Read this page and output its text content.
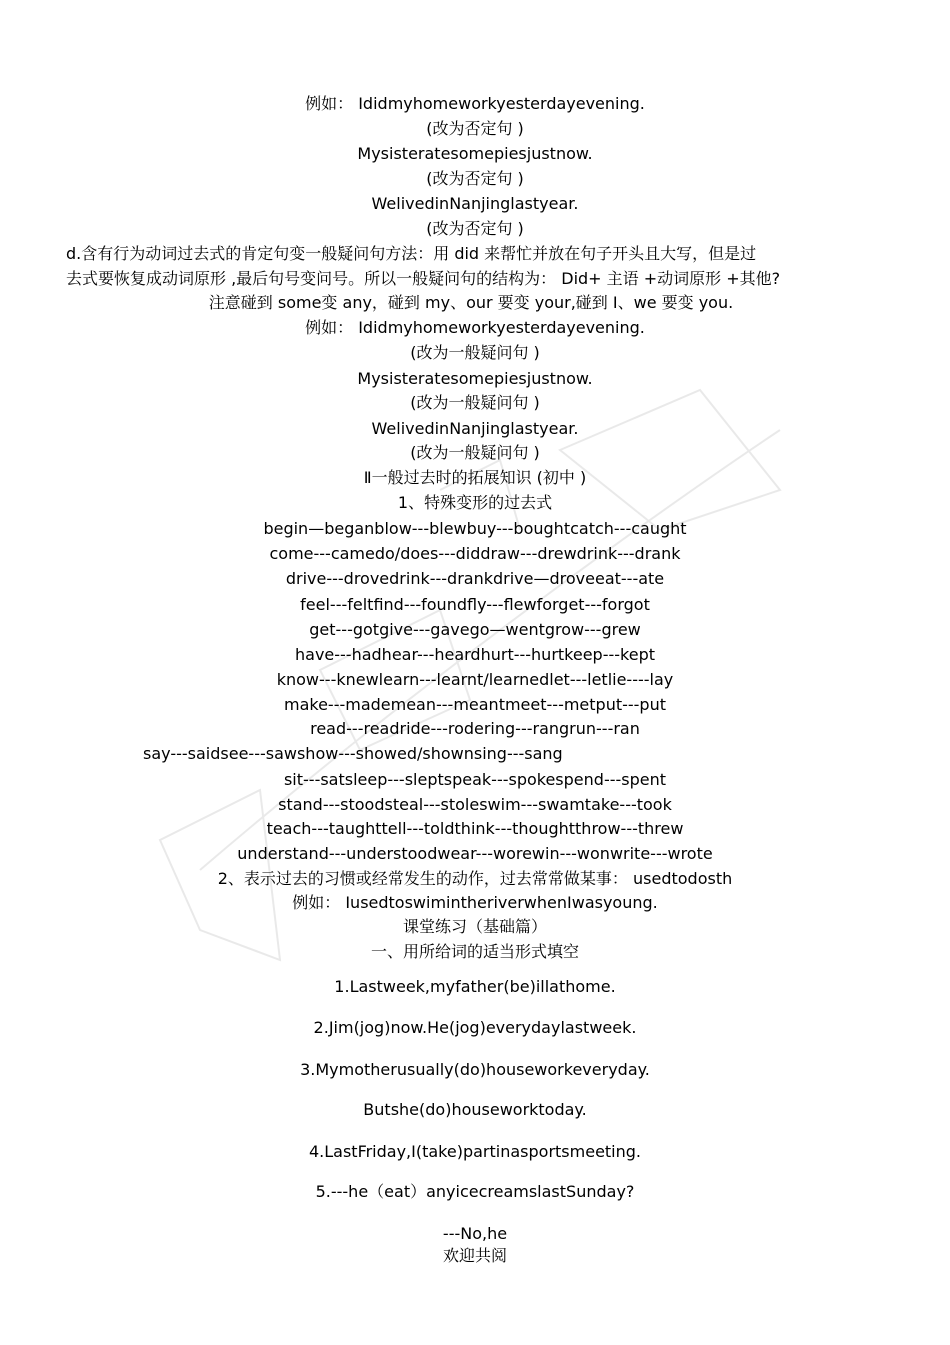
例如： Ididmyhomeworkyesterdayevening.
(改为否定句 )
Mysisteratesomepiesjustnow.
(改为否定句 )
WelivedinNanjinglastyear.
(改为否定句 )
d.含有行为动词过去式的肯定句变一般疑问句方法：用 did 来帮忙并放在句子开头且大写，但是过
去式要恢复成动词原形 ,最后句号变问号。所以一般疑问句的结构为： Did+ 主语 +动词原形 +其他?
注意碰到 some变 any，碰到 my、our 要变 your,碰到 I、we 要变 you.
例如： Ididmyhomeworkyesterdayevening.
(改为一般疑问句 )
Mysisteratesomepiesjustnow.
(改为一般疑问句 )
WelivedinNanjinglastyear.
(改为一般疑问句 )
Ⅱ一般过去时的拓展知识 (初中 )
1、特殊变形的过去式
begin—beganblow---blewbuy---boughtcatch---caught
come---camedo/does---diddraw---drewdrink---drank
drive---drovedrink---drankdrive—droveeat---ate
feel---feltfind---foundfly---flewforget---forgot
get---gotgive---gavego—wentgrow---grew
have---hadhear---heardhurt---hurtkeep---kept
know---knewlearn---learnt/learnedlet---letlie----lay
make---mademean---meantmeet---metput---put
read---readride---rodering---rangrun---ran
say---saidsee---sawshow---showed/shownsing---sang
sit---satsleep---sleptspeak---spokespend---spent
stand---stoodsteal---stoleswim---swamtake---took
teach---taughttell---toldthink---thoughtthrow---threw
understand---understoodwear---worewin---wonwrite---wrote
2、表示过去的习惯或经常发生的动作，过去常常做某事： usedtodosth
例如： IusedtoswimintheriverwhenIwasyoung.
课堂练习（基础篇）
一、用所给词的适当形式填空
1.Lastweek,myfather(be)illathome.
2.Jim(jog)now.He(jog)everydaylastweek.
3.Mymotherusually(do)houseworkeveryday.
Butshe(do)houseworktoday.
4.LastFriday,I(take)partinasportsmeeting.
5.---he（eat）anyicecreamslastSunday?
---No,he
欢迎共阅
